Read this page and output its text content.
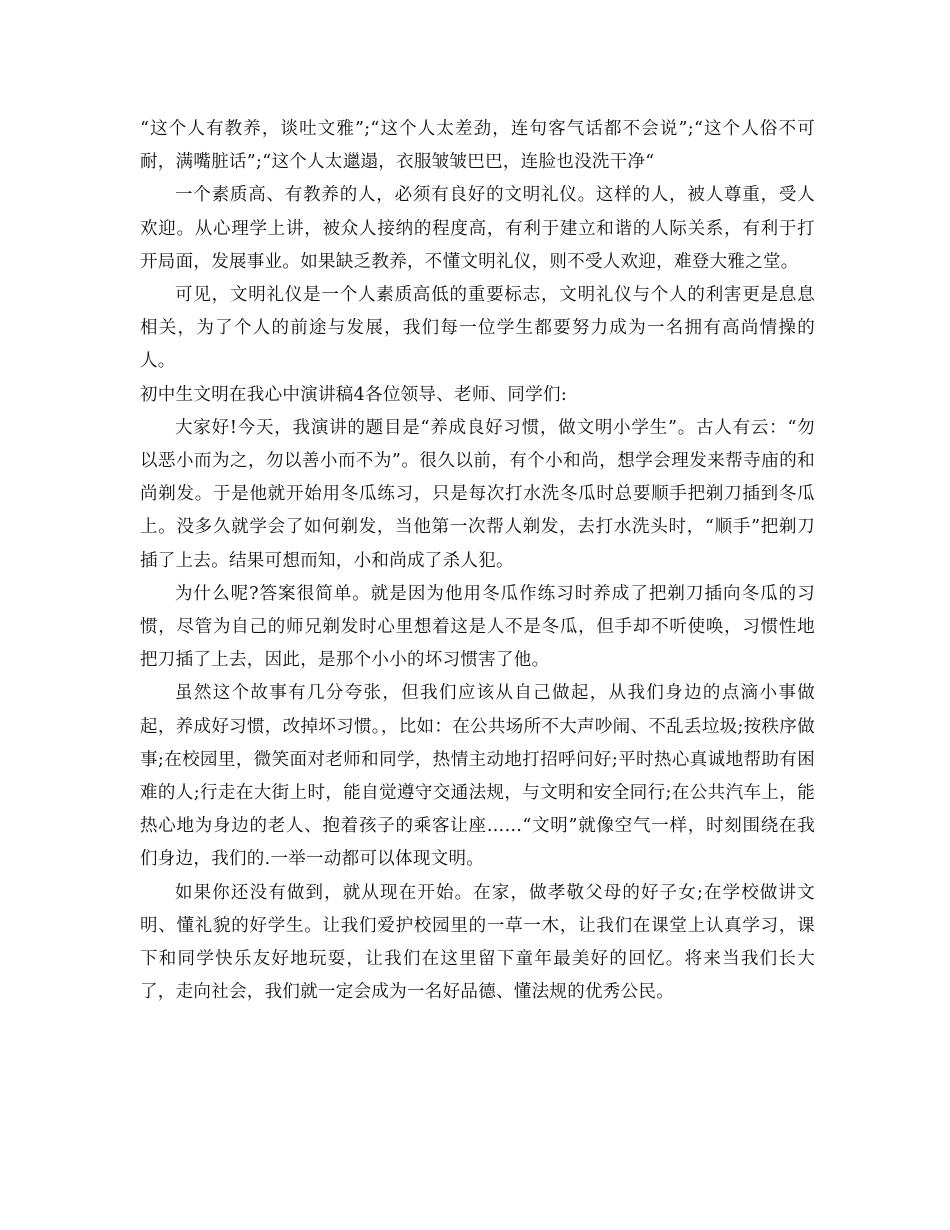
“这个人有教养，谈吐文雅”;“这个人太差劲，连句客气话都不会说”;“这个人俗不可耐，满嘴脏话”;“这个人太邋遢，衣服皱皱巴巴，连脸也没洗干净“

一个素质高、有教养的人，必须有良好的文明礼仪。这样的人，被人尊重，受人欢迎。从心理学上讲，被众人接纳的程度高，有利于建立和谐的人际关系，有利于打开局面，发展事业。如果缺乏教养，不懂文明礼仪，则不受人欢迎，难登大雅之堂。

可见，文明礼仪是一个人素质高低的重要标志，文明礼仪与个人的利害更是息息相关，为了个人的前途与发展，我们每一位学生都要努力成为一名拥有高尚情操的人。

初中生文明在我心中演讲稿4各位领导、老师、同学们:

大家好!今天，我演讲的题目是“养成良好习惯，做文明小学生”。古人有云：“勿以恶小而为之，勿以善小而不为”。很久以前，有个小和尚，想学会理发来帮寺庙的和尚剃发。于是他就开始用冬瓜练习，只是每次打水洗冬瓜时总要顺手把剃刀插到冬瓜上。没多久就学会了如何剃发，当他第一次帮人剃发，去打水洗头时，“顺手”把剃刀插了上去。结果可想而知，小和尚成了杀人犯。

为什么呢?答案很简单。就是因为他用冬瓜作练习时养成了把剃刀插向冬瓜的习惯，尽管为自己的师兄剃发时心里想着这是人不是冬瓜，但手却不听使唤，习惯性地把刀插了上去，因此，是那个小小的坏习惯害了他。

虽然这个故事有几分夸张，但我们应该从自己做起，从我们身边的点滴小事做起，养成好习惯，改掉坏习惯。，比如：在公共场所不大声吵闹、不乱丢垃圾;按秩序做事;在校园里，微笑面对老师和同学，热情主动地打招呼问好;平时热心真诚地帮助有困难的人;行走在大街上时，能自觉遵守交通法规，与文明和安全同行;在公共汽车上，能热心地为身边的老人、抱着孩子的乘客让座……“文明”就像空气一样，时刻围绕在我们身边，我们的.一举一动都可以体现文明。

如果你还没有做到，就从现在开始。在家，做孝敬父母的好子女;在学校做讲文明、懂礼貌的好学生。让我们爱护校园里的一草一木，让我们在课堂上认真学习，课下和同学快乐友好地玩耍，让我们在这里留下童年最美好的回忆。将来当我们长大了，走向社会，我们就一定会成为一名好品德、懂法规的优秀公民。
